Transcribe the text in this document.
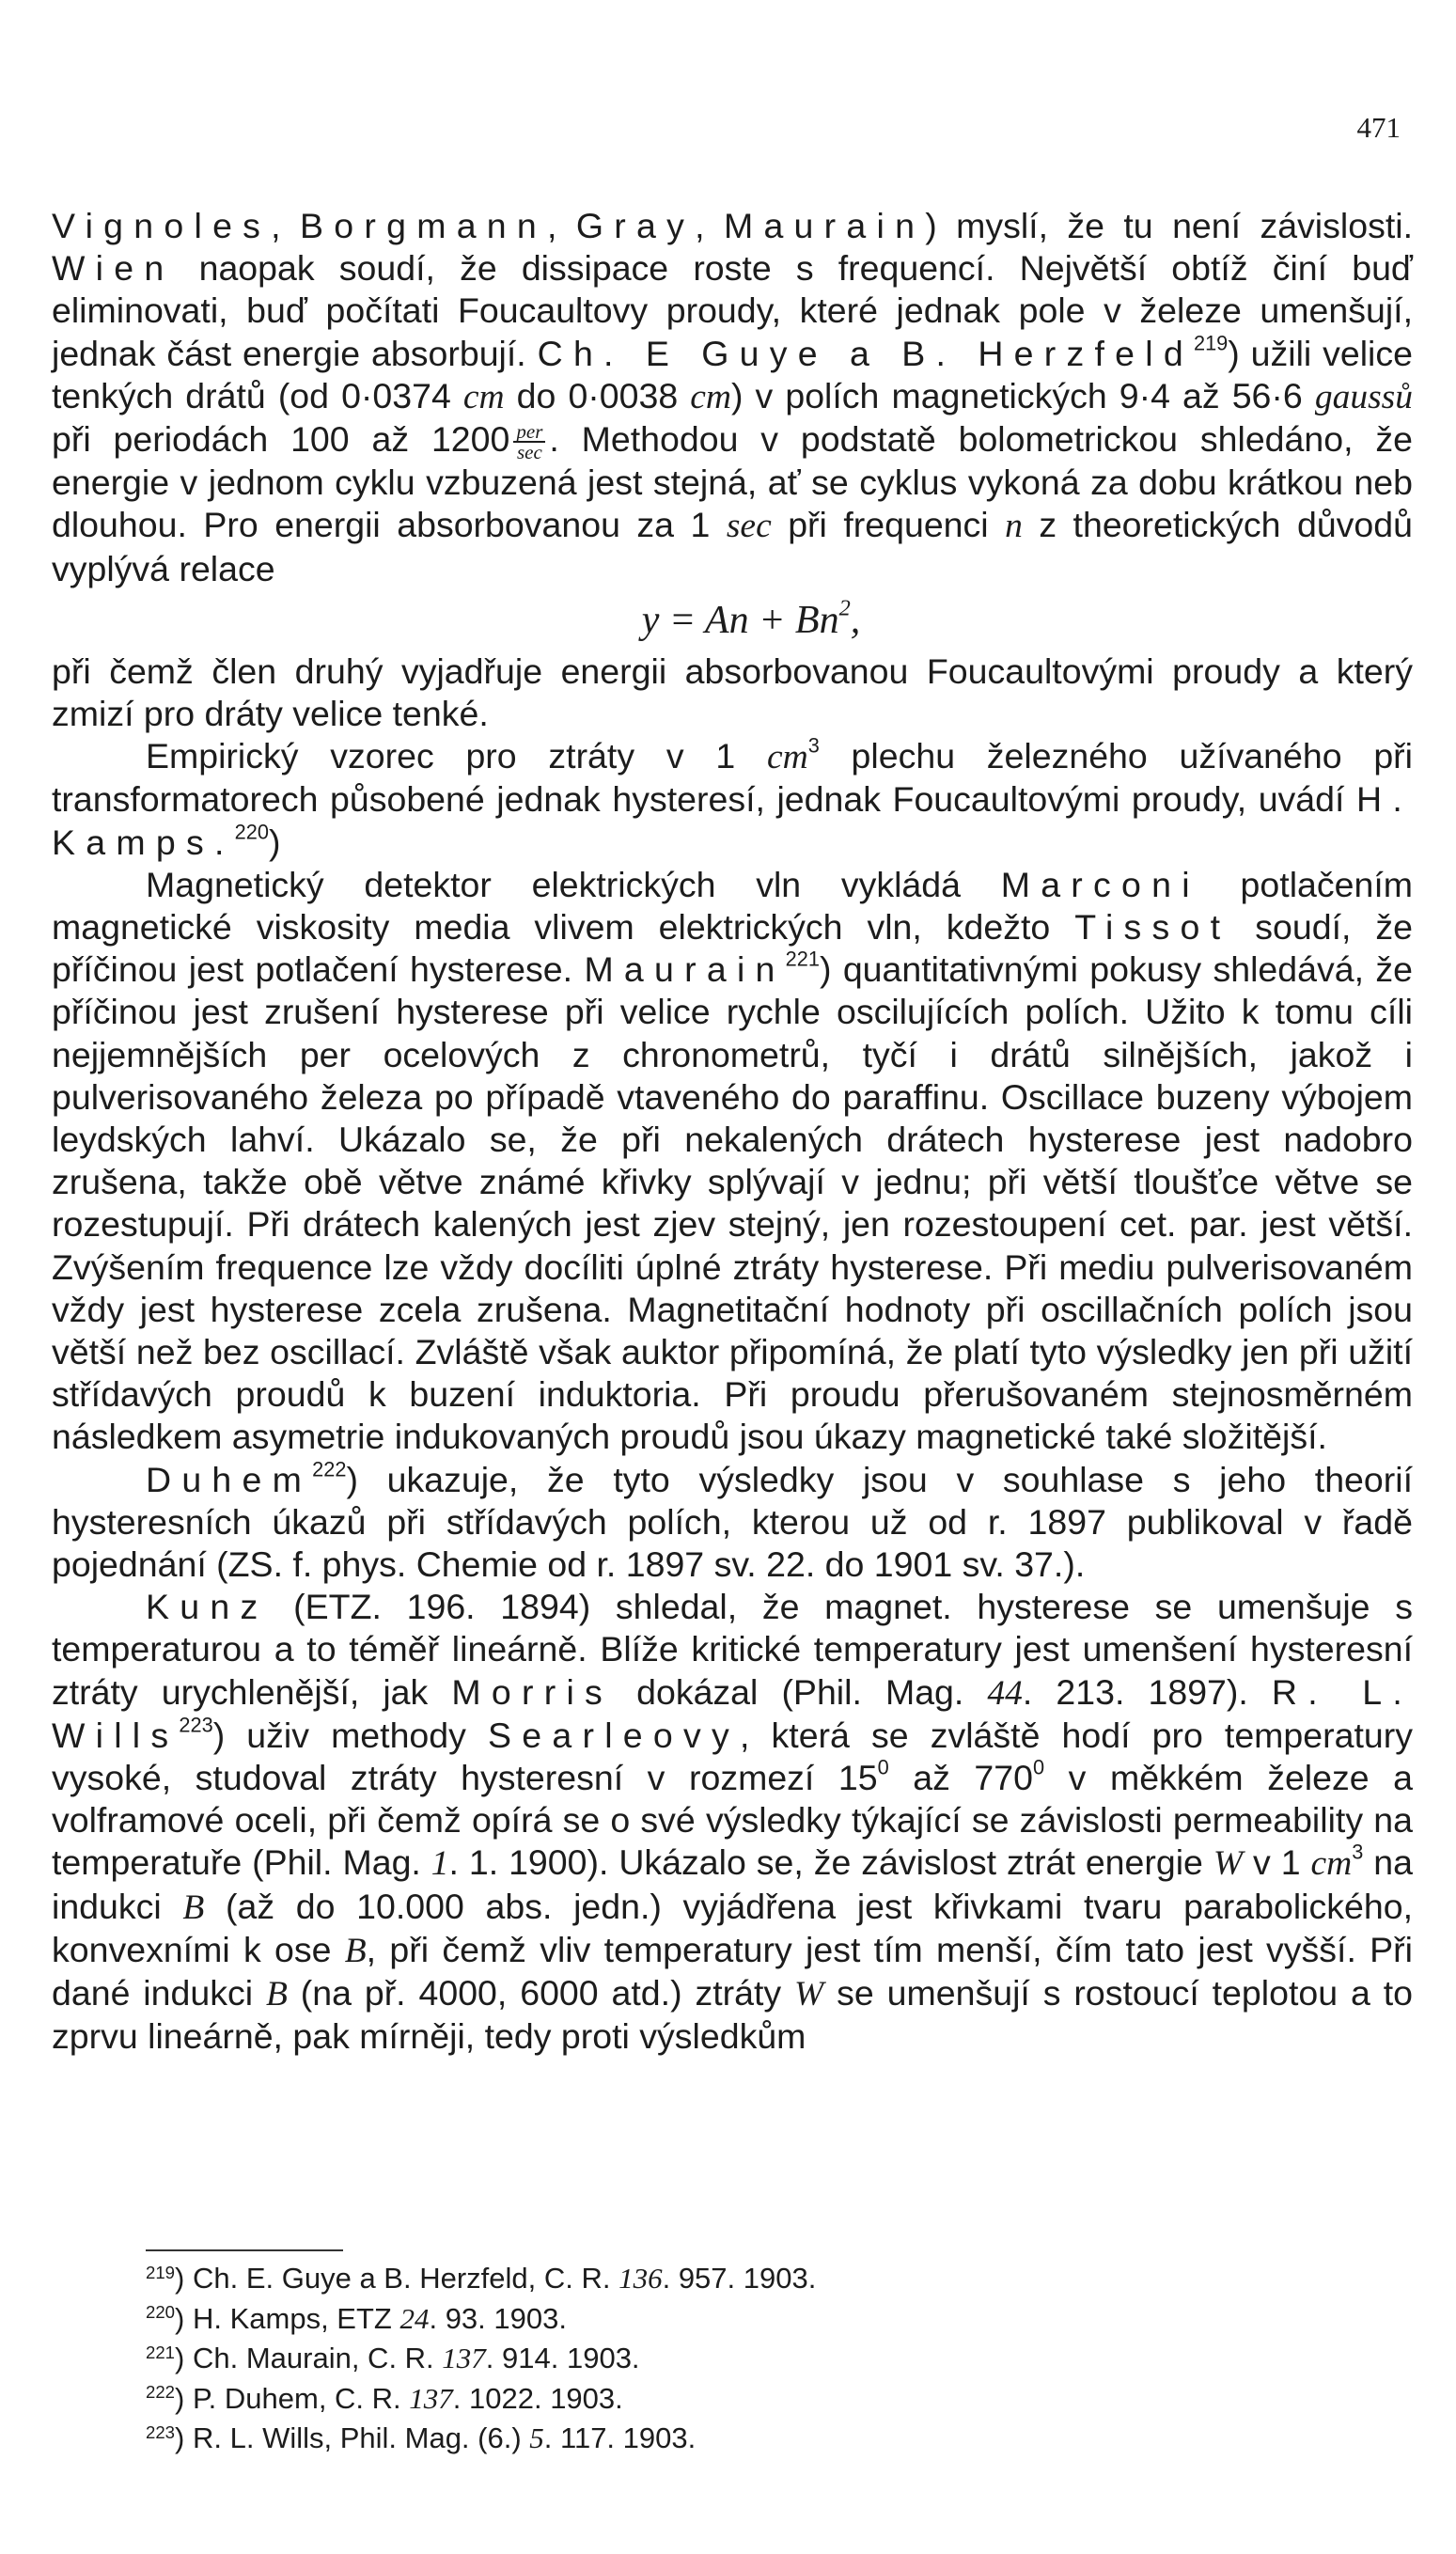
471

Vignoles, Borgmann, Gray, Maurain) myslí, že tu není závislosti. Wien naopak soudí, že dissipace roste s frequencí. Největší obtíž činí buď eliminovati, buď počítati Foucaultovy proudy, které jednak pole v železe umenšují, jednak část energie absorbují. Ch. E Guye a B. Herzfeld$^{219}$) užili velice tenkých drátů (od 0·0374 cm do 0·0038 cm) v polích magnetických 9·4 až 56·6 gaussů při periodách 100 až $1200 \frac{\text{per}}{\sec}$ . Methodou v podstatě bolometrickou shledáno, že energie v jednom cyklu vzbuzená jest stejná, ať se cyklus vykoná za dobu krátkou neb dlouhou. Pro energii absorbovanou za 1 sec při frequenci n z theoretických důvodů vyplývá relace

$y = An + Bn^2$,

při čemž člen druhý vyjadřuje energii absorbovanou Foucaultovými proudy a který zmizí pro dráty velice tenké.

Empirický vzorec pro ztráty v 1 $cm^3$ plechu železného užívaného při transformatorech působené jednak hysteresí, jednak Foucaultovými proudy, uvádí H. Kamps.$^{220}$)

Magnetický detektor elektrických vln vykládá Marconi potlačením magnetické viskosity media vlivem elektrických vln, kdežto Tissot soudí, že příčinou jest potlačení hysterese. Maurain$^{221}$) quantitativnými pokusy shledává, že příčinou jest zrušení hysterese při velice rychle oscilujících polích. Užito k tomu cíli nejjemnějších per ocelových z chronometrů, tyčí i drátů silnějších, jakož i pulverisovaného železa po případě vtaveného do paraffinu. Oscillace buzeny výbojem leydských lahví. Ukázalo se, že při nekalených drátech hysterese jest nadobro zrušena, takže obě větve známé křivky splývají v jednu; při větší tloušťce větve se rozestupují. Při drátech kalených jest zjev stejný, jen rozestoupení cet. par. jest větší. Zvýšením frequence lze vždy docíliti úplné ztráty hysterese. Při mediu pulverisovaném vždy jest hysterese zcela zrušena. Magnetitační hodnoty při oscillačních polích jsou větší než bez oscillací. Zvláště však auktor připomíná, že platí tyto výsledky jen při užití střídavých proudů k buzení induktoria. Při proudu přerušovaném stejnosměrném následkem asymetrie indukovaných proudů jsou úkazy magnetické také složitější.

Duhem$^{222}$) ukazuje, že tyto výsledky jsou v souhlase s jeho theorií hysteresních úkazů při střídavých polích, kterou už od r. 1897 publikoval v řadě pojednání (ZS. f. phys. Chemie od r. 1897 sv. 22. do 1901 sv. 37.).

Kunz (ETZ. 196. 1894) shledal, že magnet. hysterese se umenšuje s temperaturou a to téměř lineárně. Blíže kritické temperatury jest umenšení hysteresní ztráty urychlenější, jak Morris dokázal (Phil. Mag. 44. 213. 1897). R. L. Wills$^{223}$) uživ methody Searleovy, která se zvláště hodí pro temperatury vysoké, studoval ztráty hysteresní v rozmezí $15^0$ až $770^0$ v měkkém železe a volframové oceli, při čemž opírá se o své výsledky týkající se závislosti permeability na temperatuře (Phil. Mag. 1. 1. 1900). Ukázalo se, že závislost ztrát energie W v 1 $cm^3$ na indukci B (až do 10.000 abs. jedn.) vyjádřena jest křivkami tvaru parabolického, konvexními k ose B, při čemž vliv temperatury jest tím menší, čím tato jest vyšší. Při dané indukci B (na př. 4000, 6000 atd.) ztráty W se umenšují s rostoucí teplotou a to zprvu lineárně, pak mírněji, tedy proti výsledkům

219) Ch. E. Guye a B. Herzfeld, C. R. 136. 957. 1903.
220) H. Kamps, ETZ 24. 93. 1903.
221) Ch. Maurain, C. R. 137. 914. 1903.
222) P. Duhem, C. R. 137. 1022. 1903.
223) R. L. Wills, Phil. Mag. (6.) 5. 117. 1903.
